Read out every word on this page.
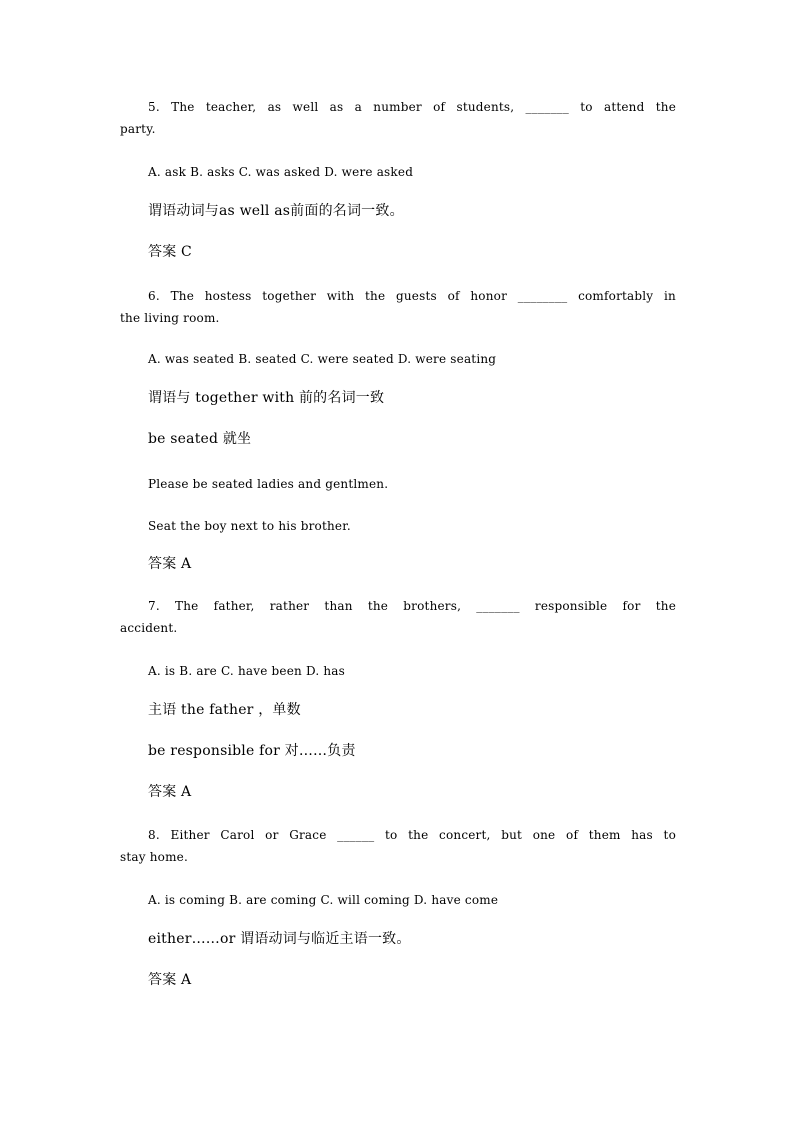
5. The teacher, as well as a number of students, _______ to attend the
party.
A. ask B. asks C. was asked D. were asked
谓语动词与as well as前面的名词一致。
答案 C
6. The hostess together with the guests of honor ________ comfortably in
the living room.
A. was seated B. seated C. were seated D. were seating
谓语与 together with 前的名词一致
be seated 就坐
Please be seated ladies and gentlmen.
Seat the boy next to his brother.
答案 A
7. The father, rather than the brothers, _______ responsible for the
accident.
A. is B. are C. have been D. has
主语 the father ，单数
be responsible for 对……负责
答案 A
8. Either Carol or Grace ______ to the concert, but one of them has to
stay home.
A. is coming B. are coming C. will coming D. have come
either……or 谓语动词与临近主语一致。
答案 A
